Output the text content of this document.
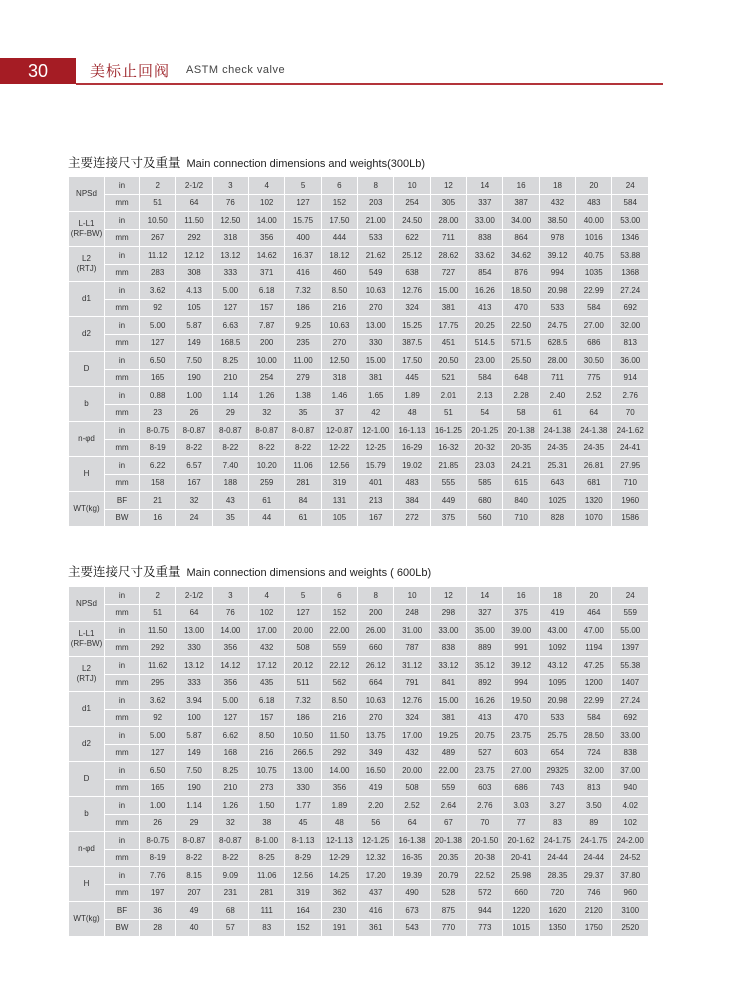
30	美标止回阀 ASTM check valve
主要连接尺寸及重量 Main connection dimensions and weights(300Lb)
NPSd	in	2	2-1/2	3	4	5	6	8	10	12	14	16	18	20	24
	mm	51	64	76	102	127	152	203	254	305	337	387	432	483	584
L-L1
(RF-BW)	in	10.50	11.50	12.50	14.00	15.75	17.50	21.00	24.50	28.00	33.00	34.00	38.50	40.00	53.00
	mm	267	292	318	356	400	444	533	622	711	838	864	978	1016	1346
L2
(RTJ)	in	11.12	12.12	13.12	14.62	16.37	18.12	21.62	25.12	28.62	33.62	34.62	39.12	40.75	53.88
	mm	283	308	333	371	416	460	549	638	727	854	876	994	1035	1368
d1	in	3.62	4.13	5.00	6.18	7.32	8.50	10.63	12.76	15.00	16.26	18.50	20.98	22.99	27.24
	mm	92	105	127	157	186	216	270	324	381	413	470	533	584	692
d2	in	5.00	5.87	6.63	7.87	9.25	10.63	13.00	15.25	17.75	20.25	22.50	24.75	27.00	32.00
	mm	127	149	168.5	200	235	270	330	387.5	451	514.5	571.5	628.5	686	813
D	in	6.50	7.50	8.25	10.00	11.00	12.50	15.00	17.50	20.50	23.00	25.50	28.00	30.50	36.00
	mm	165	190	210	254	279	318	381	445	521	584	648	711	775	914
b	in	0.88	1.00	1.14	1.26	1.38	1.46	1.65	1.89	2.01	2.13	2.28	2.40	2.52	2.76
	mm	23	26	29	32	35	37	42	48	51	54	58	61	64	70
n-φd	in	8-0.75	8-0.87	8-0.87	8-0.87	8-0.87	12-0.87	12-1.00	16-1.13	16-1.25	20-1.25	20-1.38	24-1.38	24-1.38	24-1.62
	mm	8-19	8-22	8-22	8-22	8-22	12-22	12-25	16-29	16-32	20-32	20-35	24-35	24-35	24-41
H	in	6.22	6.57	7.40	10.20	11.06	12.56	15.79	19.02	21.85	23.03	24.21	25.31	26.81	27.95
	mm	158	167	188	259	281	319	401	483	555	585	615	643	681	710
WT(kg)	BF	21	32	43	61	84	131	213	384	449	680	840	1025	1320	1960
	BW	16	24	35	44	61	105	167	272	375	560	710	828	1070	1586
主要连接尺寸及重量 Main connection dimensions and weights ( 600Lb)
NPSd	in	2	2-1/2	3	4	5	6	8	10	12	14	16	18	20	24
	mm	51	64	76	102	127	152	200	248	298	327	375	419	464	559
L-L1
(RF-BW)	in	11.50	13.00	14.00	17.00	20.00	22.00	26.00	31.00	33.00	35.00	39.00	43.00	47.00	55.00
	mm	292	330	356	432	508	559	660	787	838	889	991	1092	1194	1397
L2
(RTJ)	in	11.62	13.12	14.12	17.12	20.12	22.12	26.12	31.12	33.12	35.12	39.12	43.12	47.25	55.38
	mm	295	333	356	435	511	562	664	791	841	892	994	1095	1200	1407
d1	in	3.62	3.94	5.00	6.18	7.32	8.50	10.63	12.76	15.00	16.26	19.50	20.98	22.99	27.24
	mm	92	100	127	157	186	216	270	324	381	413	470	533	584	692
d2	in	5.00	5.87	6.62	8.50	10.50	11.50	13.75	17.00	19.25	20.75	23.75	25.75	28.50	33.00
	mm	127	149	168	216	266.5	292	349	432	489	527	603	654	724	838
D	in	6.50	7.50	8.25	10.75	13.00	14.00	16.50	20.00	22.00	23.75	27.00	29325	32.00	37.00
	mm	165	190	210	273	330	356	419	508	559	603	686	743	813	940
b	in	1.00	1.14	1.26	1.50	1.77	1.89	2.20	2.52	2.64	2.76	3.03	3.27	3.50	4.02
	mm	26	29	32	38	45	48	56	64	67	70	77	83	89	102
n-φd	in	8-0.75	8-0.87	8-0.87	8-1.00	8-1.13	12-1.13	12-1.25	16-1.38	20-1.38	20-1.50	20-1.62	24-1.75	24-1.75	24-2.00
	mm	8-19	8-22	8-22	8-25	8-29	12-29	12.32	16-35	20.35	20-38	20-41	24-44	24-44	24-52
H	in	7.76	8.15	9.09	11.06	12.56	14.25	17.20	19.39	20.79	22.52	25.98	28.35	29.37	37.80
	mm	197	207	231	281	319	362	437	490	528	572	660	720	746	960
WT(kg)	BF	36	49	68	111	164	230	416	673	875	944	1220	1620	2120	3100
	BW	28	40	57	83	152	191	361	543	770	773	1015	1350	1750	2520
